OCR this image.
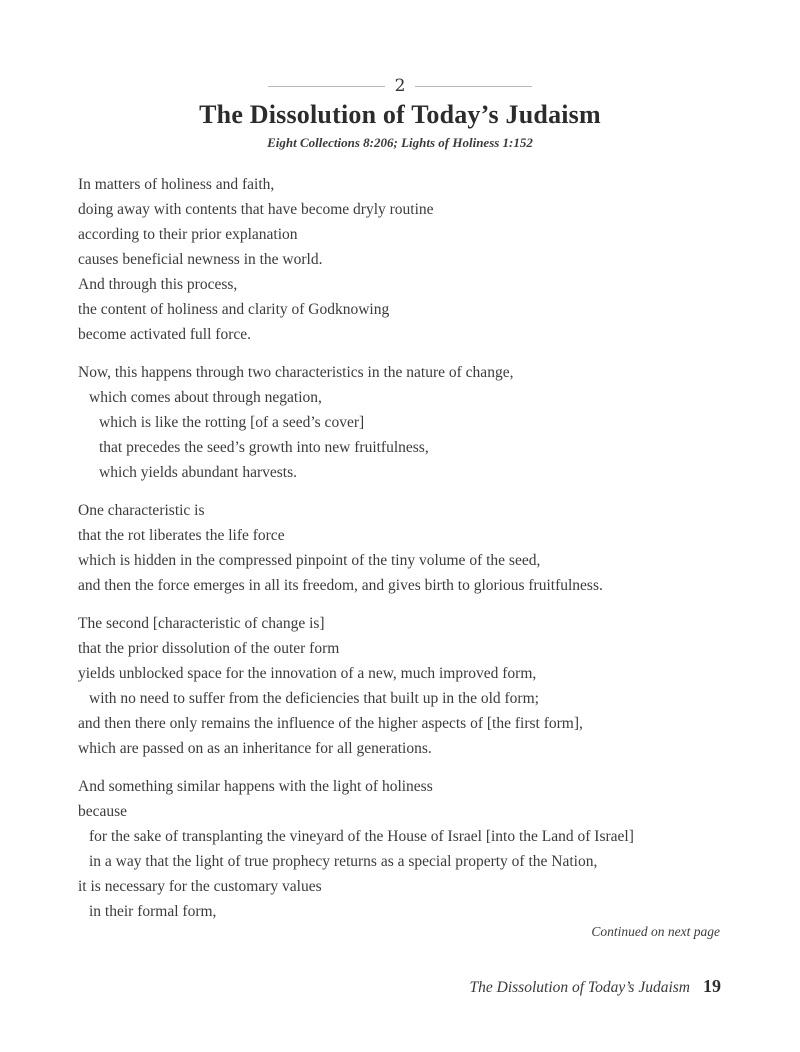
2
The Dissolution of Today’s Judaism
Eight Collections 8:206; Lights of Holiness 1:152
In matters of holiness and faith,
doing away with contents that have become dryly routine
according to their prior explanation
causes beneficial newness in the world.
And through this process,
the content of holiness and clarity of Godknowing
become activated full force.
Now, this happens through two characteristics in the nature of change,
which comes about through negation,
which is like the rotting [of a seed’s cover]
that precedes the seed’s growth into new fruitfulness,
which yields abundant harvests.
One characteristic is
that the rot liberates the life force
which is hidden in the compressed pinpoint of the tiny volume of the seed,
and then the force emerges in all its freedom, and gives birth to glorious fruitfulness.
The second [characteristic of change is]
that the prior dissolution of the outer form
yields unblocked space for the innovation of a new, much improved form,
with no need to suffer from the deficiencies that built up in the old form;
and then there only remains the influence of the higher aspects of [the first form],
which are passed on as an inheritance for all generations.
And something similar happens with the light of holiness
because
for the sake of transplanting the vineyard of the House of Israel [into the Land of Israel]
in a way that the light of true prophecy returns as a special property of the Nation,
it is necessary for the customary values
in their formal form,
Continued on next page
The Dissolution of Today’s Judaism 19
